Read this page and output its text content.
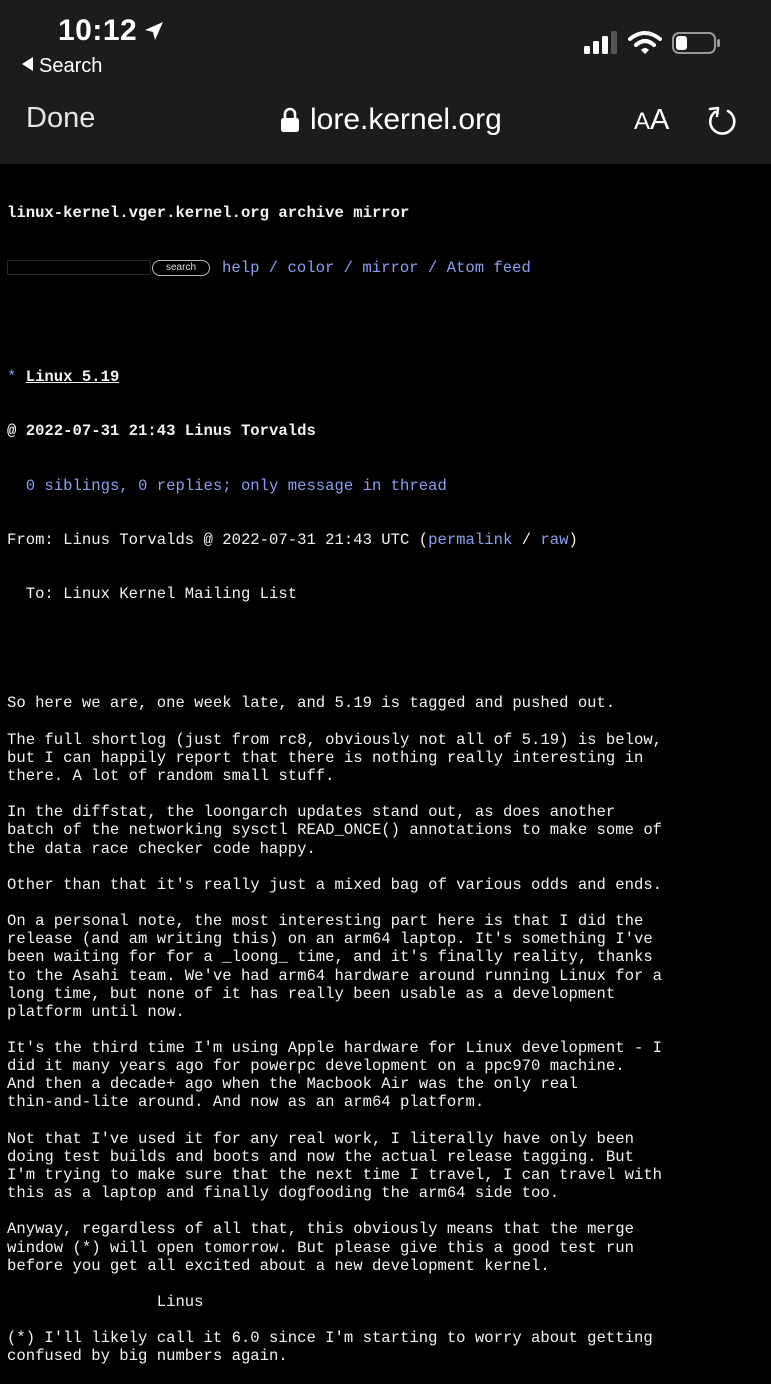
10:12
Search
Done	lore.kernel.org	AA

linux-kernel.vger.kernel.org archive mirror

search	help / color / mirror / Atom feed

* Linux 5.19

@ 2022-07-31 21:43 Linus Torvalds

0 siblings, 0 replies; only message in thread

From: Linus Torvalds @ 2022-07-31 21:43 UTC (permalink / raw)

To: Linux Kernel Mailing List

So here we are, one week late, and 5.19 is tagged and pushed out.
The full shortlog (just from rc8, obviously not all of 5.19) is below,
but I can happily report that there is nothing really interesting in
there. A lot of random small stuff.
In the diffstat, the loongarch updates stand out, as does another
batch of the networking sysctl READ_ONCE() annotations to make some of
the data race checker code happy.
Other than that it's really just a mixed bag of various odds and ends.
On a personal note, the most interesting part here is that I did the
release (and am writing this) on an arm64 laptop. It's something I've
been waiting for for a _loong_ time, and it's finally reality, thanks
to the Asahi team. We've had arm64 hardware around running Linux for a
long time, but none of it has really been usable as a development
platform until now.
It's the third time I'm using Apple hardware for Linux development - I
did it many years ago for powerpc development on a ppc970 machine.
And then a decade+ ago when the Macbook Air was the only real
thin-and-lite around. And now as an arm64 platform.
Not that I've used it for any real work, I literally have only been
doing test builds and boots and now the actual release tagging. But
I'm trying to make sure that the next time I travel, I can travel with
this as a laptop and finally dogfooding the arm64 side too.
Anyway, regardless of all that, this obviously means that the merge
window (*) will open tomorrow. But please give this a good test run
before you get all excited about a new development kernel.
Linus
(*) I'll likely call it 6.0 since I'm starting to worry about getting
confused by big numbers again.
